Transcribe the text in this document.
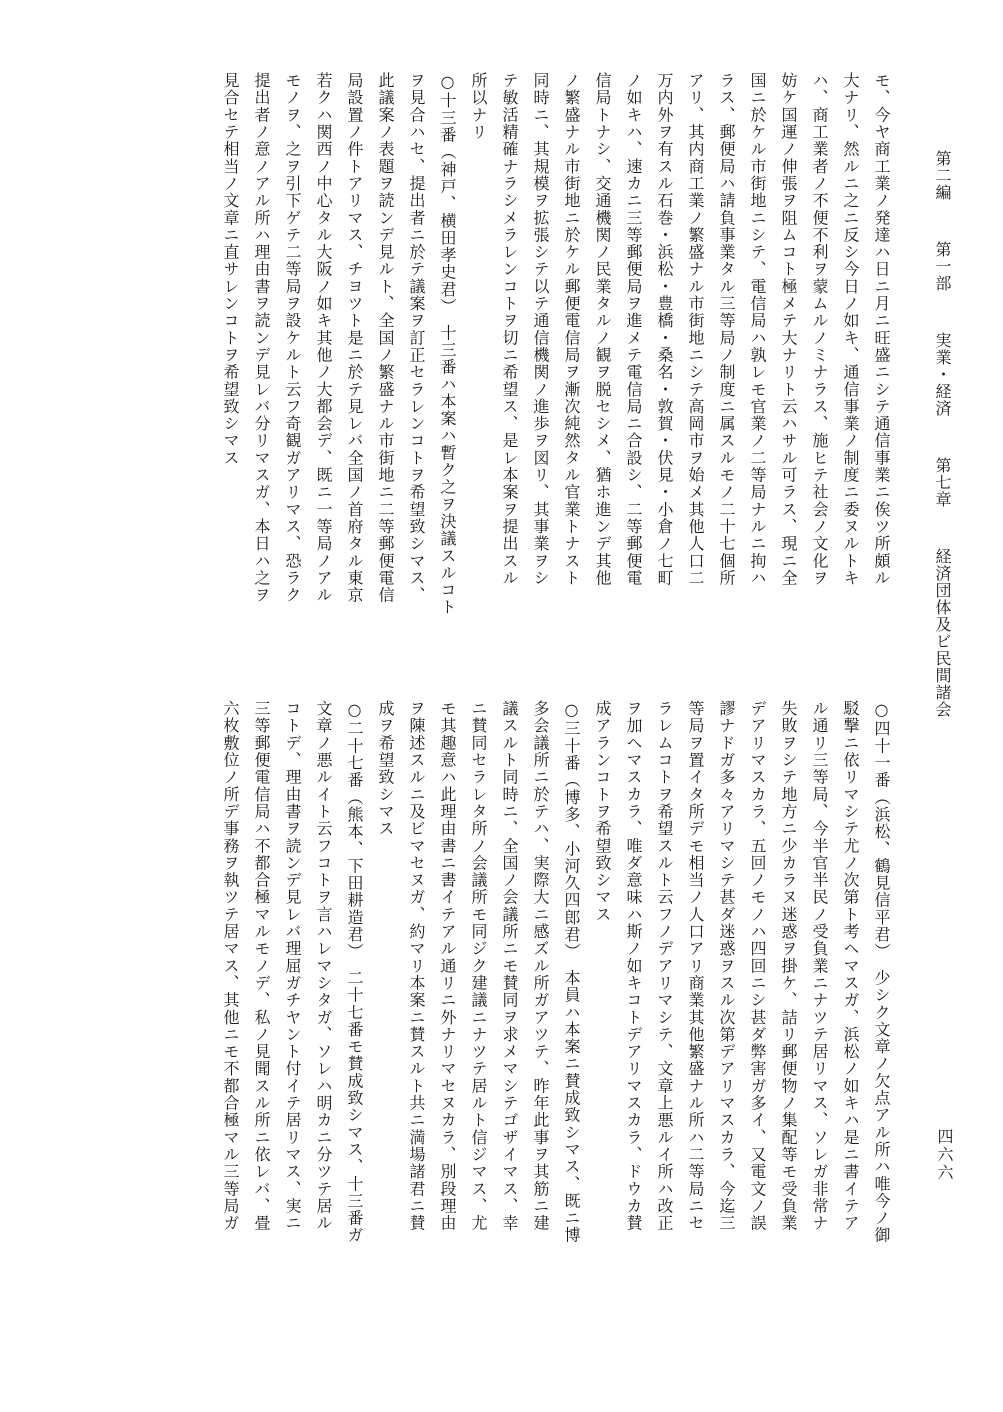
第二編 第一部 実業・経済 第七章 経済団体及ビ民間諸会
四六六
モ、今ヤ商工業ノ発達ハ日ニ月ニ旺盛ニシテ通信事業ニ俟ツ所頗ル
大ナリ、然ルニ之ニ反シ今日ノ如キ、通信事業ノ制度ニ委ヌルトキ
ハ、商工業者ノ不便不利ヲ蒙ムルノミナラス、施ヒテ社会ノ文化ヲ
妨ケ国運ノ伸張ヲ阻ムコト極メテ大ナリト云ハサル可ラス、現ニ全
国ニ於ケル市街地ニシテ、電信局ハ孰レモ官業ノ二等局ナルニ拘ハ
ラス、郵便局ハ請負事業タル三等局ノ制度ニ属スルモノ二十七個所
アリ、其内商工業ノ繁盛ナル市街地ニシテ高岡市ヲ始メ其他人口二
万内外ヲ有スル石巻・浜松・豊橋・桑名・敦賀・伏見・小倉ノ七町
ノ如キハ、速カニ三等郵便局ヲ進メテ電信局ニ合設シ、二等郵便電
信局トナシ、交通機関ノ民業タルノ観ヲ脱セシメ、猶ホ進ンデ其他
ノ繁盛ナル市街地ニ於ケル郵便電信局ヲ漸次純然タル官業トナスト
同時ニ、其規模ヲ拡張シテ以テ通信機関ノ進歩ヲ図リ、其事業ヲシ
テ敏活精確ナラシメラレンコトヲ切ニ希望ス、是レ本案ヲ提出スル
所以ナリ
○十三番（神戸、横田孝史君）　十三番ハ本案ハ暫ク之ヲ決議スルコト
ヲ見合ハセ、提出者ニ於テ議案ヲ訂正セラレンコトヲ希望致シマス、
此議案ノ表題ヲ読ンデ見ルト、全国ノ繁盛ナル市街地ニ二等郵便電信
局設置ノ件トアリマス、チヨツト是ニ於テ見レバ全国ノ首府タル東京
若クハ関西ノ中心タル大阪ノ如キ其他ノ大都会デ、既ニ一等局ノアル
モノヲ、之ヲ引下ゲテ二等局ヲ設ケルト云フ奇観ガアリマス、恐ラク
提出者ノ意ノアル所ハ理由書ヲ読ンデ見レバ分リマスガ、本日ハ之ヲ
見合セテ相当ノ文章ニ直サレンコトヲ希望致シマス
○四十一番（浜松、鶴見信平君）　少シク文章ノ欠点アル所ハ唯今ノ御
駁撃ニ依リマシテ尤ノ次第ト考ヘマスガ、浜松ノ如キハ是ニ書イテア
ル通リ三等局、今半官半民ノ受負業ニナツテ居リマス、ソレガ非常ナ
失敗ヲシテ地方ニ少カラヌ迷惑ヲ掛ケ、詰リ郵便物ノ集配等モ受負業
デアリマスカラ、五回ノモノハ四回ニシ甚ダ弊害ガ多イ、又電文ノ誤
謬ナドガ多々アリマシテ甚ダ迷惑ヲスル次第デアリマスカラ、今迄三
等局ヲ置イタ所デモ相当ノ人口アリ商業其他繁盛ナル所ハ二等局ニセ
ラレムコトヲ希望スルト云フノデアリマシテ、文章上悪ルイ所ハ改正
ヲ加ヘマスカラ、唯ダ意味ハ斯ノ如キコトデアリマスカラ、ドウカ賛
成アランコトヲ希望致シマス
○三十番（博多、小河久四郎君）　本員ハ本案ニ賛成致シマス、既ニ博
多会議所ニ於テハ、実際大ニ感ズル所ガアツテ、昨年此事ヲ其筋ニ建
議スルト同時ニ、全国ノ会議所ニモ賛同ヲ求メマシテゴザイマス、幸
ニ賛同セラレタ所ノ会議所モ同ジク建議ニナツテ居ルト信ジマス、尤
モ其趣意ハ此理由書ニ書イテアル通リニ外ナリマセヌカラ、別段理由
ヲ陳述スルニ及ビマセヌガ、約マリ本案ニ賛スルト共ニ満場諸君ニ賛
成ヲ希望致シマス
○二十七番（熊本、下田耕造君）　二十七番モ賛成致シマス、十三番ガ
文章ノ悪ルイト云フコトヲ言ハレマシタガ、ソレハ明カニ分ツテ居ル
コトデ、理由書ヲ読ンデ見レバ理屈ガチヤント付イテ居リマス、実ニ
三等郵便電信局ハ不都合極マルモノデ、私ノ見聞スル所ニ依レバ、畳
六枚敷位ノ所デ事務ヲ執ツテ居マス、其他ニモ不都合極マル三等局ガ
